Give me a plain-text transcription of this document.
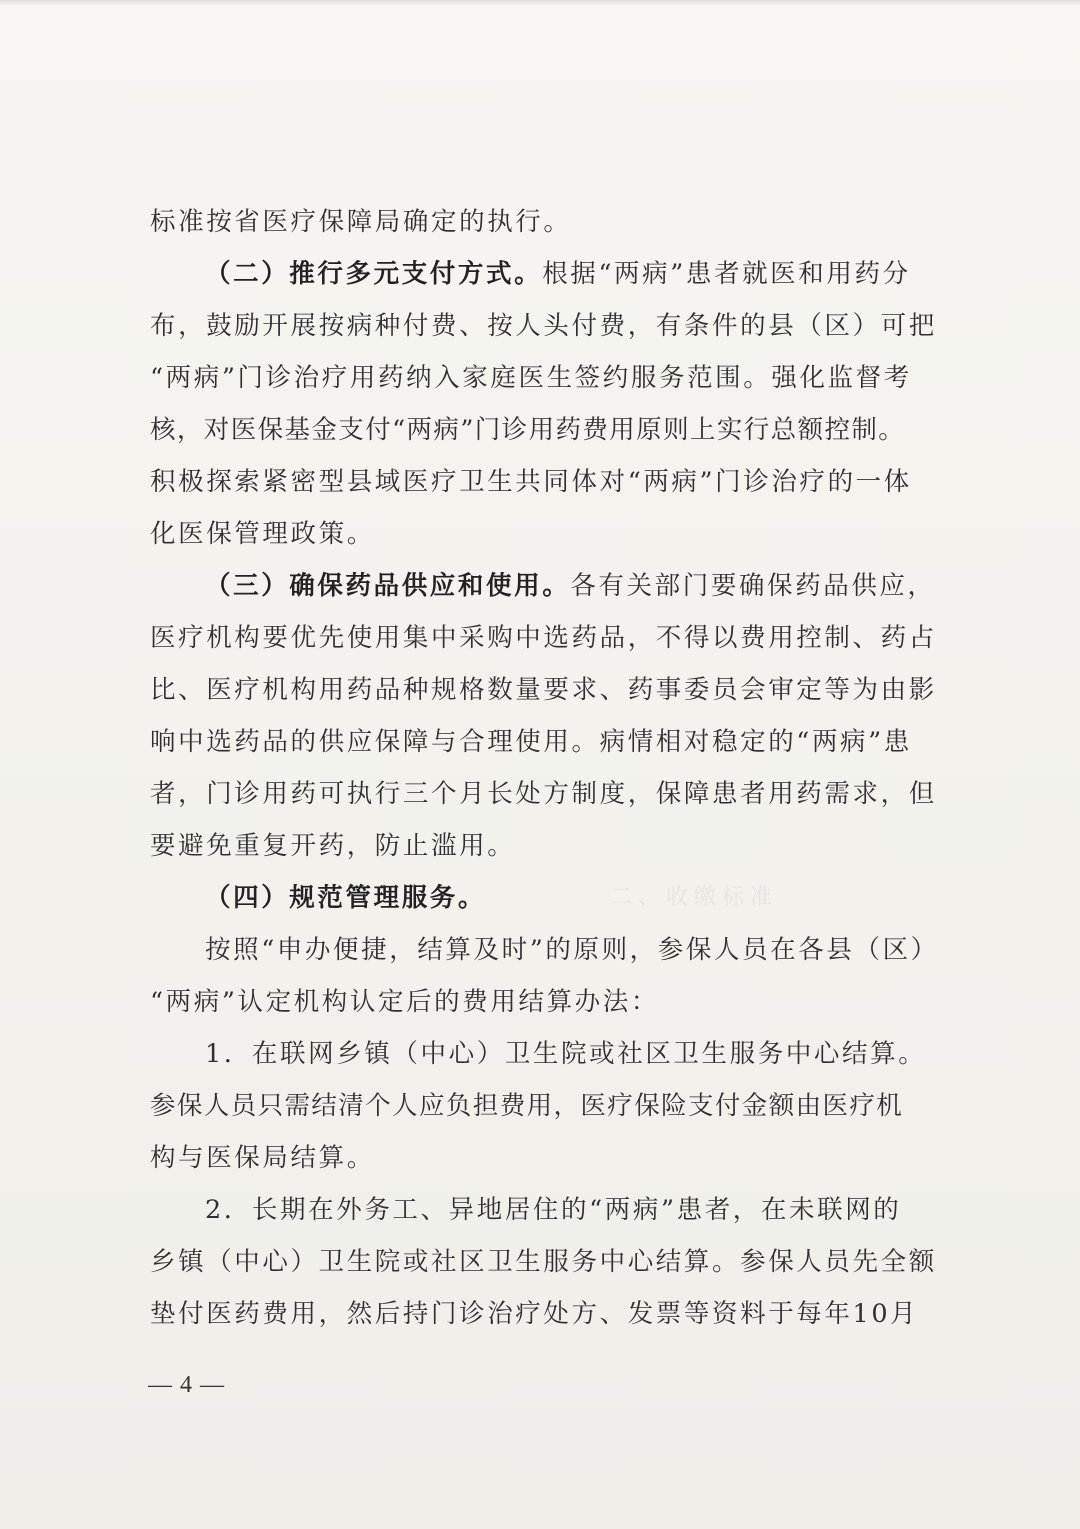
二、收缴标准
标准按省医疗保障局确定的执行。
（二）推行多元支付方式。根据“两病”患者就医和用药分
布，鼓励开展按病种付费、按人头付费，有条件的县（区）可把
“两病”门诊治疗用药纳入家庭医生签约服务范围。强化监督考
核，对医保基金支付“两病”门诊用药费用原则上实行总额控制。
积极探索紧密型县域医疗卫生共同体对“两病”门诊治疗的一体
化医保管理政策。
（三）确保药品供应和使用。各有关部门要确保药品供应，
医疗机构要优先使用集中采购中选药品，不得以费用控制、药占
比、医疗机构用药品种规格数量要求、药事委员会审定等为由影
响中选药品的供应保障与合理使用。病情相对稳定的“两病”患
者，门诊用药可执行三个月长处方制度，保障患者用药需求，但
要避免重复开药，防止滥用。
（四）规范管理服务。
按照“申办便捷，结算及时”的原则，参保人员在各县（区）
“两病”认定机构认定后的费用结算办法：
1．在联网乡镇（中心）卫生院或社区卫生服务中心结算。
参保人员只需结清个人应负担费用，医疗保险支付金额由医疗机
构与医保局结算。
2．长期在外务工、异地居住的“两病”患者，在未联网的
乡镇（中心）卫生院或社区卫生服务中心结算。参保人员先全额
垫付医药费用，然后持门诊治疗处方、发票等资料于每年10月
— 4 —
